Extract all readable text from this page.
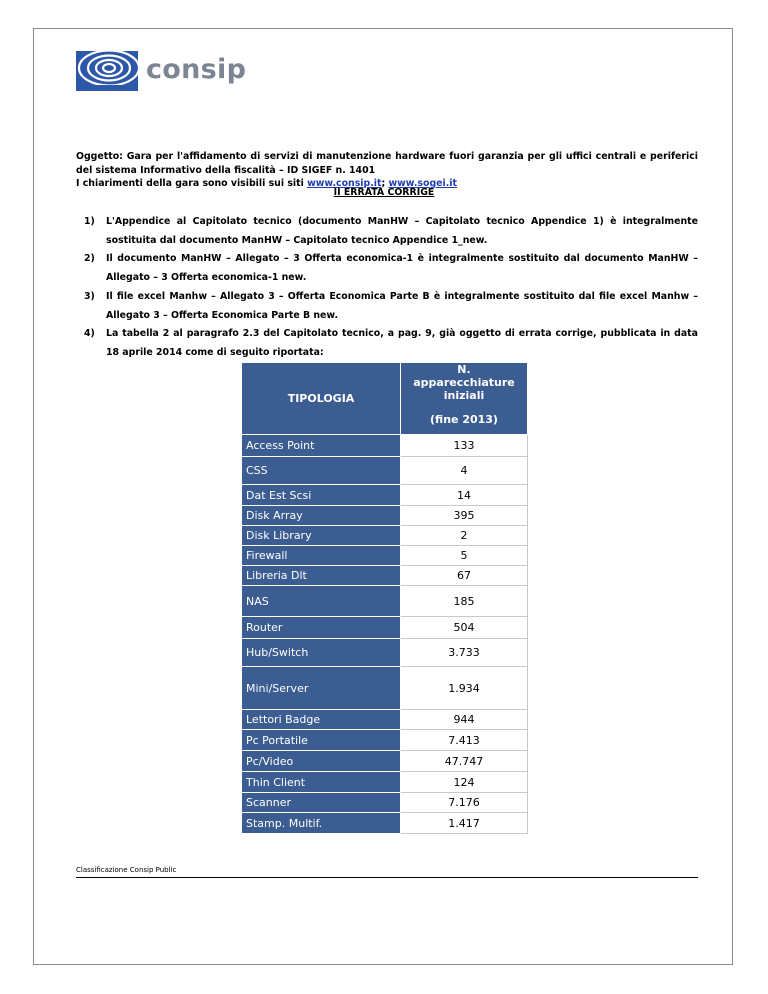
consip

Oggetto: Gara per l'affidamento di servizi di manutenzione hardware fuori garanzia per gli uffici centrali e periferici del sistema Informativo della fiscalità – ID SIGEF n. 1401

I chiarimenti della gara sono visibili sui siti www.consip.it; www.sogei.it

II ERRATA CORRIGE
1) L'Appendice al Capitolato tecnico (documento ManHW – Capitolato tecnico Appendice 1) è integralmente sostituita dal documento ManHW – Capitolato tecnico Appendice 1_new.
2) Il documento ManHW – Allegato – 3 Offerta economica-1 è integralmente sostituito dal documento ManHW – Allegato – 3 Offerta economica-1 new.
3) Il file excel Manhw – Allegato 3 – Offerta Economica Parte B è integralmente sostituito dal file excel Manhw – Allegato 3 – Offerta Economica Parte B new.
4) La tabella 2 al paragrafo 2.3 del Capitolato tecnico, a pag. 9, già oggetto di errata corrige, pubblicata in data 18 aprile 2014 come di seguito riportata:
TIPOLOGIA	N. apparecchiature iniziali
(fine 2013)

Access Point	133
CSS	4
Dat Est Scsi	14
Disk Array	395
Disk Library	2
Firewall	5
Libreria Dlt	67
NAS	185
Router	504
Hub/Switch	3.733
Mini/Server	1.934
Lettori Badge	944
Pc Portatile	7.413
Pc/Video	47.747
Thin Client	124
Scanner	7.176
Stamp. Multif.	1.417
Classificazione Consip Public
